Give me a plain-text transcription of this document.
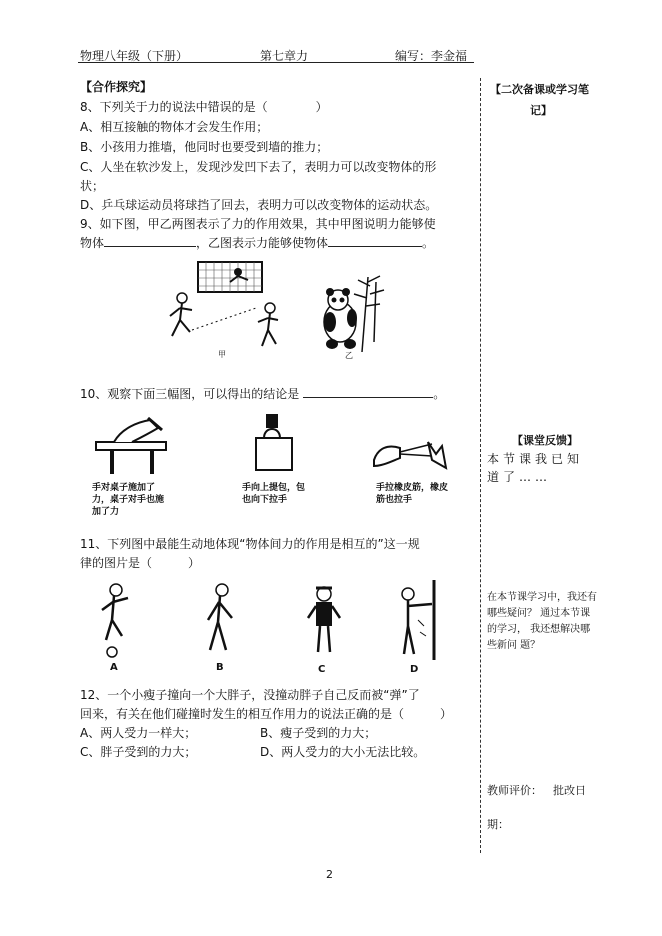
物理八年级（下册）	第七章力	编写：李金福
【合作探究】
8、下列关于力的说法中错误的是（　　　　）
A、相互接触的物体才会发生作用；
B、小孩用力推墙，他同时也要受到墙的推力；
C、人坐在软沙发上，发现沙发凹下去了，表明力可以改变物体的形
状；
D、乒乓球运动员将球挡了回去，表明力可以改变物体的运动状态。
9、如下图，甲乙两图表示了力的作用效果，其中甲图说明力能够使
物体	，乙图表示力能够使物体	。
甲	乙
10、观察下面三幅图，可以得出的结论是	。
手对桌子施加了力，桌子对手也施加了力
手向上提包，包也向下拉手
手拉橡皮筋，橡皮筋也拉手
11、下列图中最能生动地体现“物体间力的作用是相互的”这一规
律的图片是（　　　）
A	B	C	D
12、一个小瘦子撞向一个大胖子，没撞动胖子自己反而被“弹”了
回来，有关在他们碰撞时发生的相互作用力的说法正确的是（　　　）
A、两人受力一样大；	B、瘦子受到的力大；
C、胖子受到的力大；	D、两人受力的大小无法比较。
【二次备课或学习笔
记】
【课堂反馈】
本节课我已知道了……
在本节课学习中，我还有哪些疑问？ 通过本节课的学习， 我还想解决哪些新问 题？
教师评价： 批改日
期：
2
